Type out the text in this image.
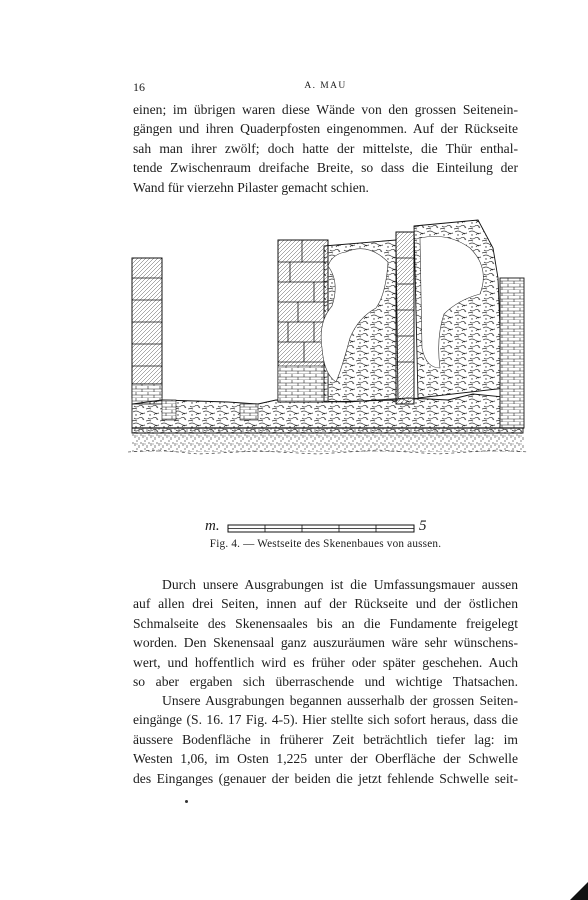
16	A. MAU

einen; im übrigen waren diese Wände von den grossen Seitenein-
gängen und ihren Quaderpfosten eingenommen. Auf der Rückseite
sah man ihrer zwölf; doch hatte der mittelste, die Thür enthal-
tende Zwischenraum dreifache Breite, so dass die Einteilung der
Wand für vierzehn Pilaster gemacht schien.

m.	5
Fig. 4. — Westseite des Skenenbaues von aussen.

Durch unsere Ausgrabungen ist die Umfassungsmauer aussen
auf allen drei Seiten, innen auf der Rückseite und der östlichen
Schmalseite des Skenensaales bis an die Fundamente freigelegt
worden. Den Skenensaal ganz auszuräumen wäre sehr wünschens-
wert, und hoffentlich wird es früher oder später geschehen. Auch
so aber ergaben sich überraschende und wichtige Thatsachen.

Unsere Ausgrabungen begannen ausserhalb der grossen Seiten-
eingänge (S. 16. 17 Fig. 4-5). Hier stellte sich sofort heraus, dass die
äussere Bodenfläche in früherer Zeit beträchtlich tiefer lag: im
Westen 1,06, im Osten 1,225 unter der Oberfläche der Schwelle
des Einganges (genauer der beiden die jetzt fehlende Schwelle seit-
